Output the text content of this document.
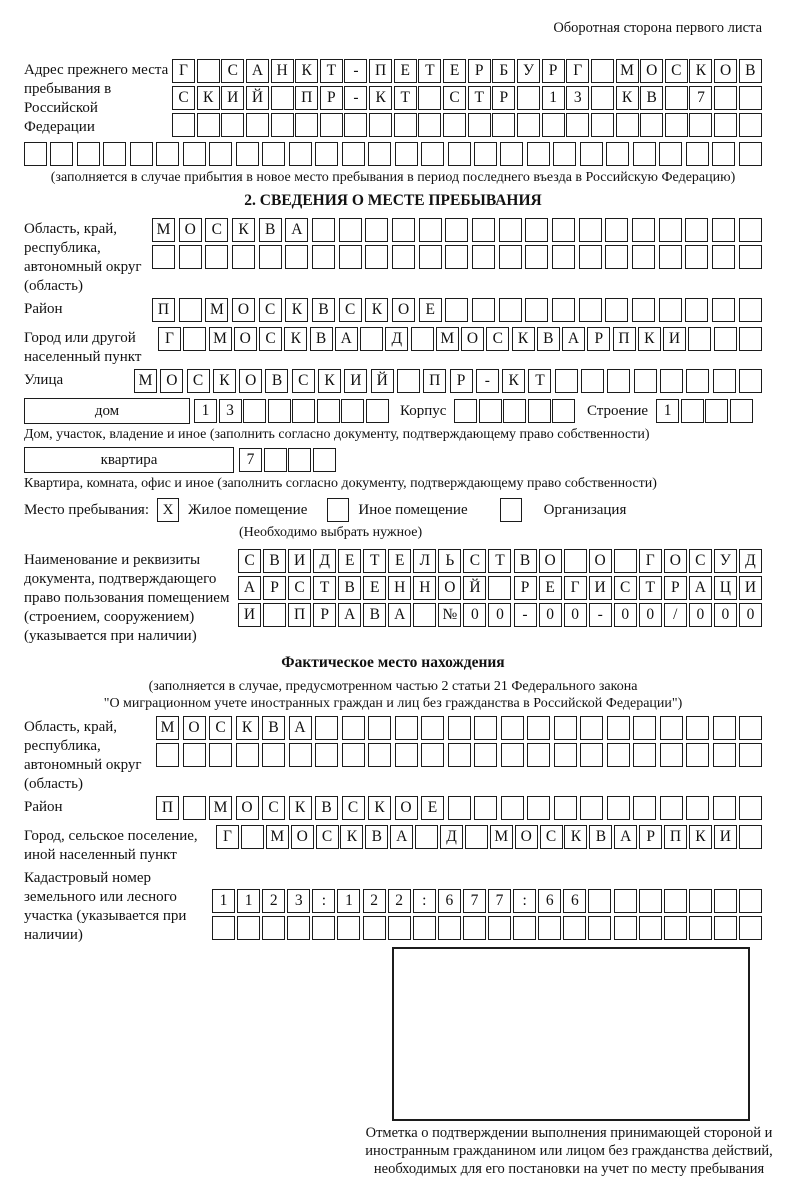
Оборотная сторона первого листа
Адрес прежнего места пребывания в Российской Федерации
Г	С А Н К Т	-	П Е Т Е	Р	Б У Р	Г	М О С К О В
С К И Й	П Р	-	К Т	С Т	Р	1	3	К В	7
(заполняется в случае прибытия в новое место пребывания в период последнего въезда в Российскую Федерацию)
2. СВЕДЕНИЯ О МЕСТЕ ПРЕБЫВАНИЯ
Область, край, республика, автономный округ (область)
М О	С	К	В	А
Район	П	М О	С	К	В	С	К	О	Е
Город или другой населенный пункт
Г	М О С К В А	Д	М О С К В А Р П К И
Улица	М О	С	К	О	В	С	К	И Й	П	Р	-	К	Т
дом	1	3	Корпус	Строение	1
Дом, участок, владение и иное (заполнить согласно документу, подтверждающему право собственности)
квартира	7
Квартира, комната, офис и иное (заполнить согласно документу, подтверждающему право собственности)
Место пребывания: X Жилое помещение	Иное помещение	Организация
(Необходимо выбрать нужное)
Наименование и реквизиты документа, подтверждающего право пользования помещением (строением, сооружением) (указывается при наличии)
С В И Д Е	Т	Е Л Ь С Т В О	О	Г О С У Д
А Р	С Т В Е Н Н О Й	Р	Е	Г И С Т	Р А Ц И
И	П Р А В А	№ 0	0	-	0	0	-	0	0	/	0	0	0
Фактическое место нахождения
(заполняется в случае, предусмотренном частью 2 статьи 21 Федерального закона
"О миграционном учете иностранных граждан и лиц без гражданства в Российской Федерации")
Область, край, республика, автономный округ (область)
М О	С	К	В	А
Район	П	М О	С	К	В	С	К	О	Е
Город, сельское поселение, иной населенный пункт
Г	М О С К В А	Д	М О С К В А Р П К И
Кадастровый номер земельного или лесного участка (указывается при наличии)
1	1	2	3	:	1	2	2	:	6	7	7	:	6	6
Отметка о подтверждении выполнения принимающей стороной и иностранным гражданином или лицом без гражданства действий, необходимых для его постановки на учет по месту пребывания
